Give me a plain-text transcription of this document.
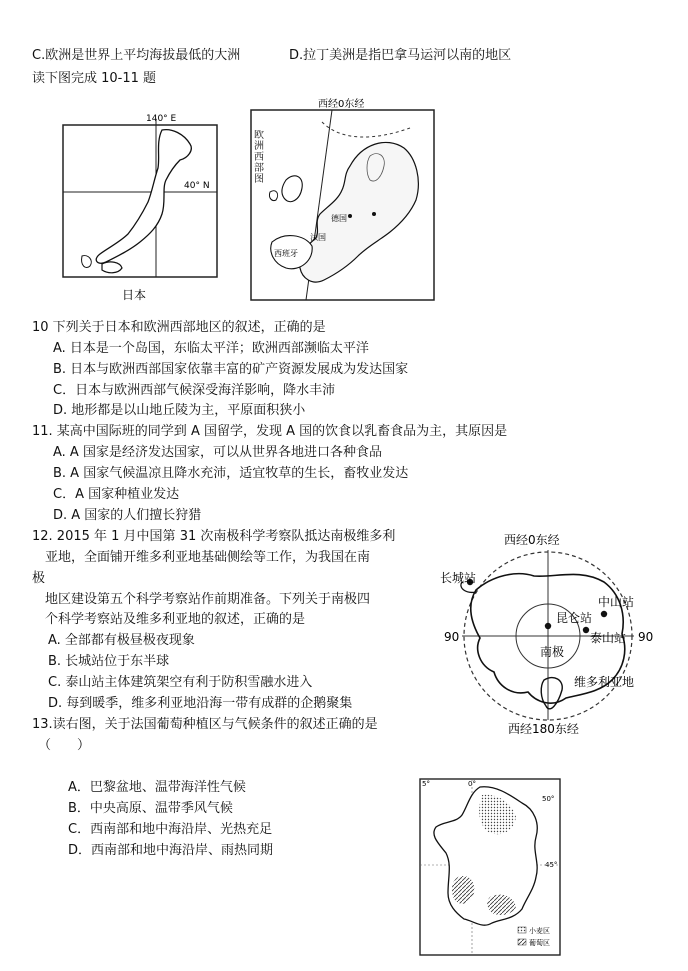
C.欧洲是世界上平均海拔最低的大洲	D.拉丁美洲是指巴拿马运河以南的地区
读下图完成 10-11 题
140° E
40° N
日本
西经0东经
欧洲西部图
德国
法国
西班牙
10 下列关于日本和欧洲西部地区的叙述，正确的是
A. 日本是一个岛国，东临太平洋；欧洲西部濒临太平洋
B. 日本与欧洲西部国家依靠丰富的矿产资源发展成为发达国家
C．日本与欧洲西部气候深受海洋影响，降水丰沛
D. 地形都是以山地丘陵为主，平原面积狭小
11. 某高中国际班的同学到 A 国留学，发现 A 国的饮食以乳畜食品为主，其原因是
A. A 国家是经济发达国家，可以从世界各地进口各种食品
B. A 国家气候温凉且降水充沛，适宜牧草的生长，畜牧业发达
C．A 国家种植业发达
D. A 国家的人们擅长狩猎
12. 2015 年 1 月中国第 31 次南极科学考察队抵达南极维多利
亚地，全面铺开维多利亚地基础侧绘等工作，为我国在南
极
地区建设第五个科学考察站作前期准备。下列关于南极四
个科学考察站及维多利亚地的叙述，正确的是
A. 全部都有极昼极夜现象
B. 长城站位于东半球
C. 泰山站主体建筑架空有利于防积雪融水进入
D. 每到暖季，维多利亚地沿海一带有成群的企鹅聚集
西经0东经
西经180东经
长城站
昆仑站
中山站
泰山站
南极
维多利亚地
90	90
13.读右图，关于法国葡萄种植区与气候条件的叙述正确的是
（　　）
A．巴黎盆地、温带海洋性气候
B．中央高原、温带季风气候
C．西南部和地中海沿岸、光热充足
D．西南部和地中海沿岸、雨热同期
5°	0°
50°
45°
小麦区
葡萄区
